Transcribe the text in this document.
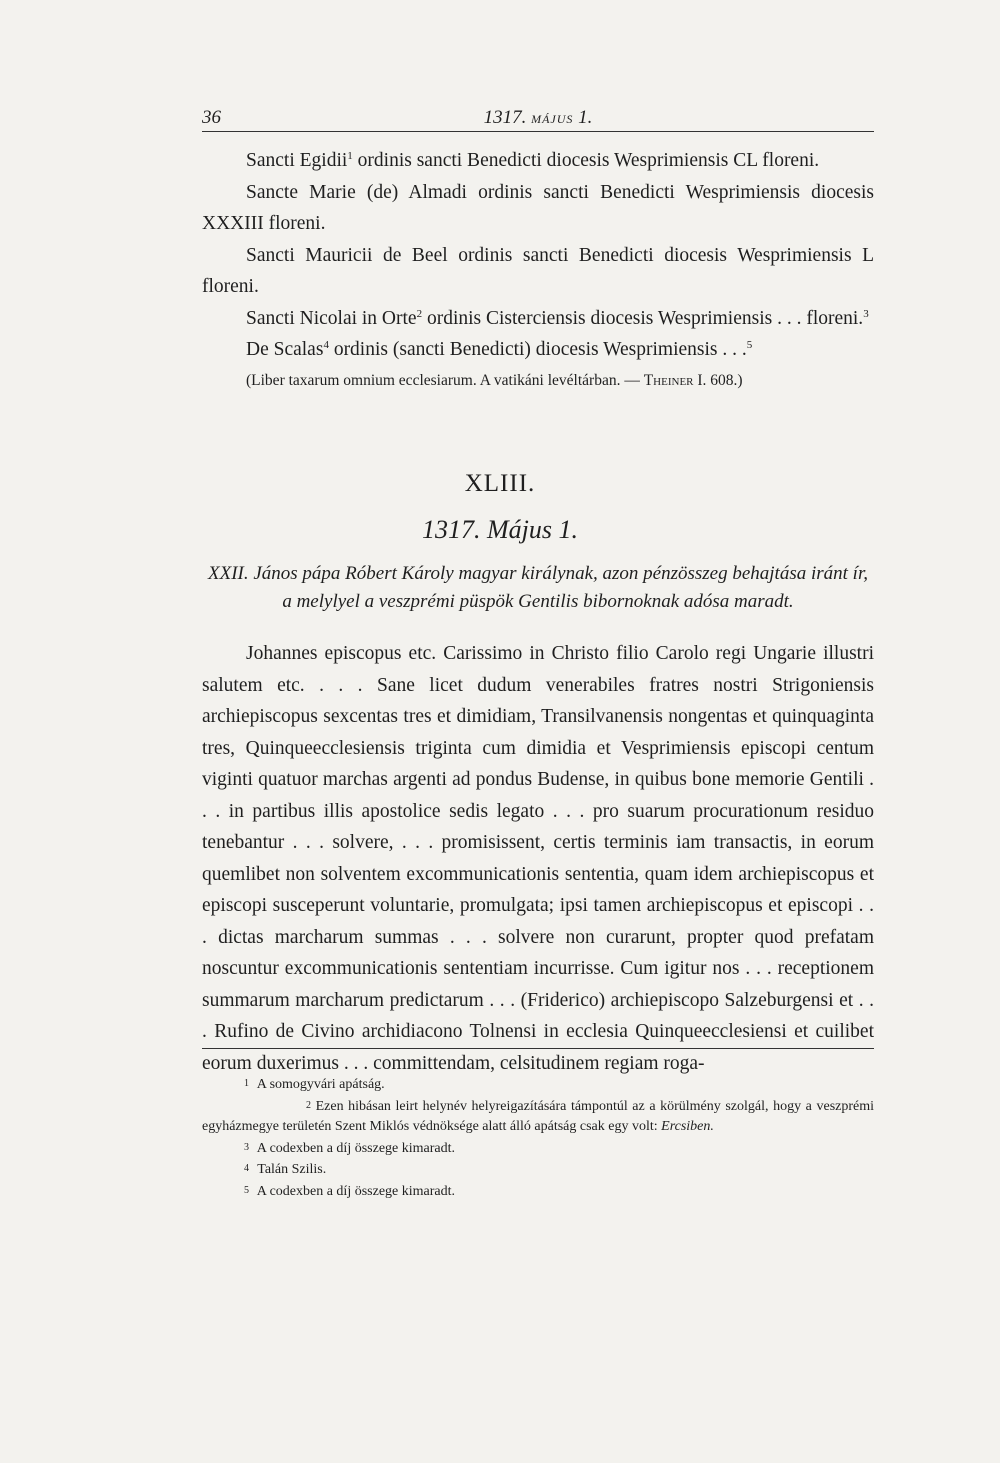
36	1317. MÁJUS 1.

Sancti Egidii$^1$ ordinis sancti Benedicti diocesis Wesprimiensis CL floreni.

Sancte Marie (de) Almadi ordinis sancti Benedicti Wesprimiensis diocesis XXXIII floreni.

Sancti Mauricii de Beel ordinis sancti Benedicti diocesis Wesprimiensis L floreni.

Sancti Nicolai in Orte$^2$ ordinis Cisterciensis diocesis Wesprimiensis . . . floreni.$^3$

De Scalas$^4$ ordinis (sancti Benedicti) diocesis Wesprimiensis . . .$^5$

(Liber taxarum omnium ecclesiarum. A vatikáni levéltárban. — Theiner I. 608.)

XLIII.
1317. Május 1.
XXII. János pápa Róbert Károly magyar királynak, azon pénzösszeg behajtása iránt ír, a melylyel a veszprémi püspök Gentilis bibornoknak adósa maradt.

Johannes episcopus etc. Carissimo in Christo filio Carolo regi Ungarie illustri salutem etc. . . . Sane licet dudum venerabiles fratres nostri Strigoniensis archiepiscopus sexcentas tres et dimidiam, Transilvanensis nongentas et quinquaginta tres, Quinqueecclesiensis triginta cum dimidia et Vesprimiensis episcopi centum viginti quatuor marchas argenti ad pondus Budense, in quibus bone memorie Gentili . . . in partibus illis apostolice sedis legato . . . pro suarum procurationum residuo tenebantur . . . solvere, . . . promisissent, certis terminis iam transactis, in eorum quemlibet non solventem excommunicationis sententia, quam idem archiepiscopus et episcopi susceperunt voluntarie, promulgata; ipsi tamen archiepiscopus et episcopi . . . dictas marcharum summas . . . solvere non curarunt, propter quod prefatam noscuntur excommunicationis sententiam incurrisse. Cum igitur nos . . . receptionem summarum marcharum predictarum . . . (Friderico) archiepiscopo Salzeburgensi et . . . Rufino de Civino archidiacono Tolnensi in ecclesia Quinqueecclesiensi et cuilibet eorum duxerimus . . . committendam, celsitudinem regiam roga-

1 A somogyvári apátság.

2 Ezen hibásan leirt helynév helyreigazítására támpontúl az a körülmény szolgál, hogy a veszprémi egyházmegye területén Szent Miklós védnöksége alatt álló apátság csak egy volt: Ercsiben.

3 A codexben a díj összege kimaradt.

4 Talán Szilis.

5 A codexben a díj összege kimaradt.
